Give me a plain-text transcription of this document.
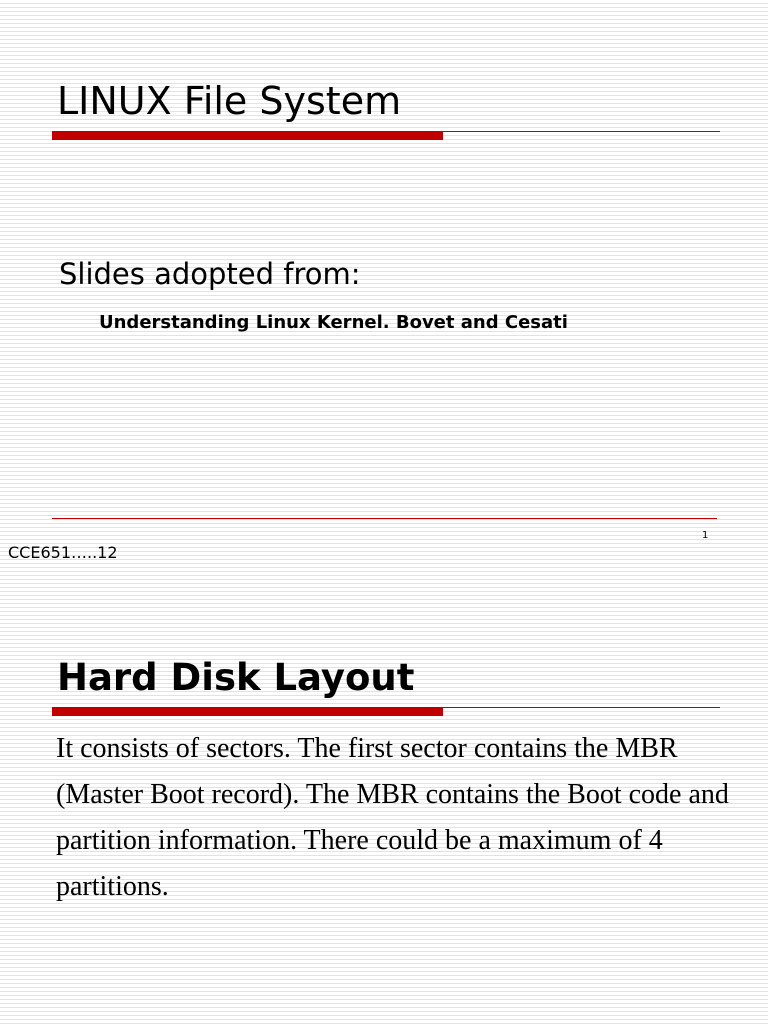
LINUX File System
Slides adopted from:
Understanding Linux Kernel. Bovet and Cesati
1
CCE651…..12
Hard Disk Layout
It consists of sectors. The first sector contains the MBR (Master Boot record). The MBR contains the Boot code and partition information. There could be a maximum of 4 partitions.
